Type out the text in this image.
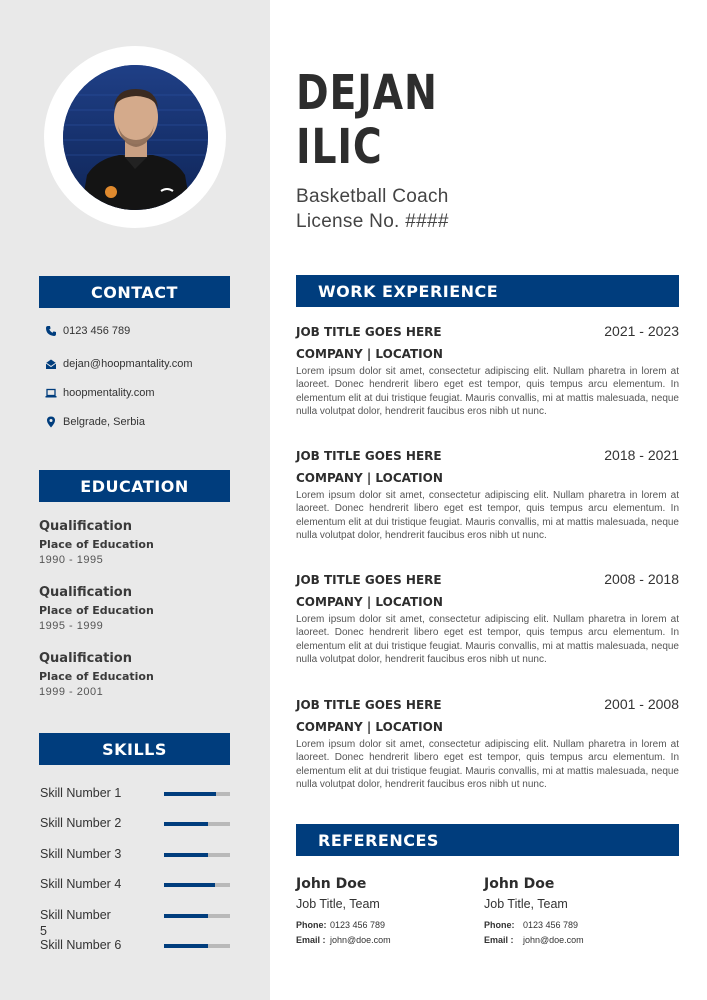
CONTACT
0123 456 789
dejan@hoopmantality.com
hoopmentality.com
Belgrade, Serbia
EDUCATION
Qualification
Place of Education
1990 - 1995
Qualification
Place of Education
1995 - 1999
Qualification
Place of Education
1999 - 2001
SKILLS
Skill Number 1
Skill Number 2
Skill Number 3
Skill Number 4
Skill Number 5
Skill Number 6
DEJAN
ILIC
Basketball Coach
License No. ####
WORK EXPERIENCE
JOB TITLE GOES HERE	2021 - 2023
COMPANY | LOCATION
Lorem ipsum dolor sit amet, consectetur adipiscing elit. Nullam pharetra in lorem at laoreet. Donec hendrerit libero eget est tempor, quis tempus arcu elementum. In elementum elit at dui tristique feugiat. Mauris convallis, mi at mattis malesuada, neque nulla volutpat dolor, hendrerit faucibus eros nibh ut nunc.
JOB TITLE GOES HERE	2018 - 2021
COMPANY | LOCATION
Lorem ipsum dolor sit amet, consectetur adipiscing elit. Nullam pharetra in lorem at laoreet. Donec hendrerit libero eget est tempor, quis tempus arcu elementum. In elementum elit at dui tristique feugiat. Mauris convallis, mi at mattis malesuada, neque nulla volutpat dolor, hendrerit faucibus eros nibh ut nunc.
JOB TITLE GOES HERE	2008 - 2018
COMPANY | LOCATION
Lorem ipsum dolor sit amet, consectetur adipiscing elit. Nullam pharetra in lorem at laoreet. Donec hendrerit libero eget est tempor, quis tempus arcu elementum. In elementum elit at dui tristique feugiat. Mauris convallis, mi at mattis malesuada, neque nulla volutpat dolor, hendrerit faucibus eros nibh ut nunc.
JOB TITLE GOES HERE	2001 - 2008
COMPANY | LOCATION
Lorem ipsum dolor sit amet, consectetur adipiscing elit. Nullam pharetra in lorem at laoreet. Donec hendrerit libero eget est tempor, quis tempus arcu elementum. In elementum elit at dui tristique feugiat. Mauris convallis, mi at mattis malesuada, neque nulla volutpat dolor, hendrerit faucibus eros nibh ut nunc.
REFERENCES
John Doe
Job Title, Team
Phone: 0123 456 789
Email : john@doe.com
John Doe
Job Title, Team
Phone: 0123 456 789
Email :	john@doe.com
